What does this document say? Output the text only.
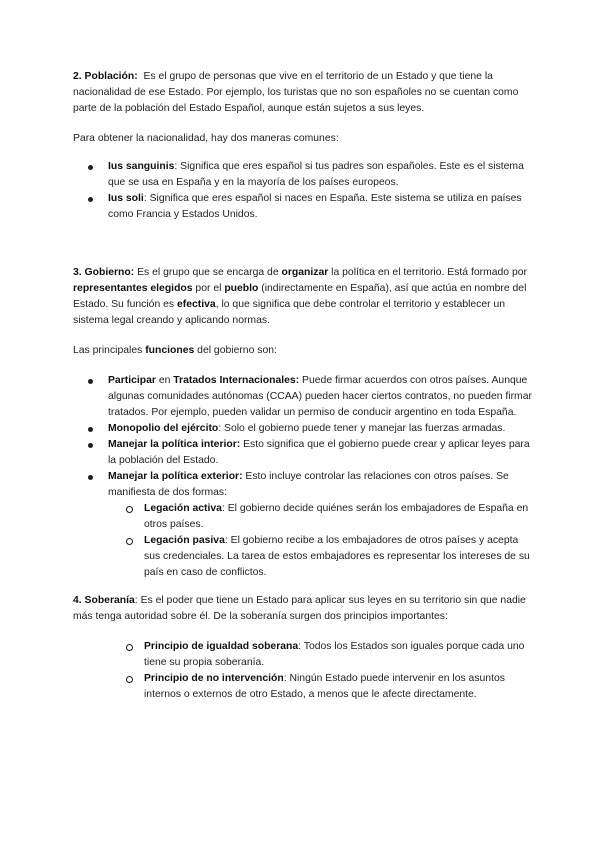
2. Población: Es el grupo de personas que vive en el territorio de un Estado y que tiene la nacionalidad de ese Estado. Por ejemplo, los turistas que no son españoles no se cuentan como parte de la población del Estado Español, aunque están sujetos a sus leyes.

Para obtener la nacionalidad, hay dos maneras comunes:

Ius sanguinis: Significa que eres español si tus padres son españoles. Este es el sistema que se usa en España y en la mayoría de los países europeos.
Ius soli: Significa que eres español si naces en España. Este sistema se utiliza en países como Francia y Estados Unidos.

3. Gobierno: Es el grupo que se encarga de organizar la política en el territorio. Está formado por representantes elegidos por el pueblo (indirectamente en España), así que actúa en nombre del Estado. Su función es efectiva, lo que significa que debe controlar el territorio y establecer un sistema legal creando y aplicando normas.

Las principales funciones del gobierno son:

Participar en Tratados Internacionales: Puede firmar acuerdos con otros países. Aunque algunas comunidades autónomas (CCAA) pueden hacer ciertos contratos, no pueden firmar tratados. Por ejemplo, pueden validar un permiso de conducir argentino en toda España.
Monopolio del ejército: Solo el gobierno puede tener y manejar las fuerzas armadas.
Manejar la política interior: Esto significa que el gobierno puede crear y aplicar leyes para la población del Estado.
Manejar la política exterior: Esto incluye controlar las relaciones con otros países. Se manifiesta de dos formas:
Legación activa: El gobierno decide quiénes serán los embajadores de España en otros países.
Legación pasiva: El gobierno recibe a los embajadores de otros países y acepta sus credenciales. La tarea de estos embajadores es representar los intereses de su país en caso de conflictos.

4. Soberanía: Es el poder que tiene un Estado para aplicar sus leyes en su territorio sin que nadie más tenga autoridad sobre él. De la soberanía surgen dos principios importantes:

Principio de igualdad soberana: Todos los Estados son iguales porque cada uno tiene su propia soberanía.
Principio de no intervención: Ningún Estado puede intervenir en los asuntos internos o externos de otro Estado, a menos que le afecte directamente.
